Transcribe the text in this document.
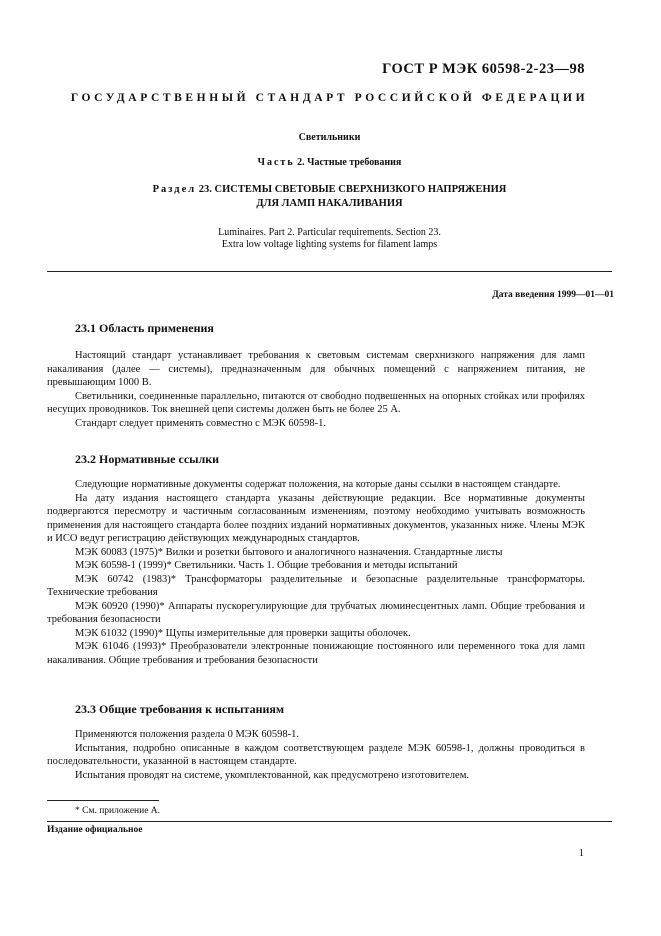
ГОСТ Р МЭК 60598-2-23—98
ГОСУДАРСТВЕННЫЙ СТАНДАРТ РОССИЙСКОЙ ФЕДЕРАЦИИ
Светильники
Часть 2. Частные требования
Раздел 23. СИСТЕМЫ СВЕТОВЫЕ СВЕРХНИЗКОГО НАПРЯЖЕНИЯ
ДЛЯ ЛАМП НАКАЛИВАНИЯ
Luminaires. Part 2. Particular requirements. Section 23.
Extra low voltage lighting systems for filament lamps
Дата введения 1999—01—01
23.1 Область применения

Настоящий стандарт устанавливает требования к световым системам сверхнизкого напряжения для ламп накаливания (далее — системы), предназначенным для обычных помещений с напряжением питания, не превышающим 1000 В.

Светильники, соединенные параллельно, питаются от свободно подвешенных на опорных стойках или профилях несущих проводников. Ток внешней цепи системы должен быть не более 25 А.

Стандарт следует применять совместно с МЭК 60598-1.

23.2 Нормативные ссылки

Следующие нормативные документы содержат положения, на которые даны ссылки в настоящем стандарте.

На дату издания настоящего стандарта указаны действующие редакции. Все нормативные документы подвергаются пересмотру и частичным согласованным изменениям, поэтому необходимо учитывать возможность применения для настоящего стандарта более поздних изданий нормативных документов, указанных ниже. Члены МЭК и ИСО ведут регистрацию действующих международных стандартов.

МЭК 60083 (1975)* Вилки и розетки бытового и аналогичного назначения. Стандартные листы

МЭК 60598-1 (1999)* Светильники. Часть 1. Общие требования и методы испытаний

МЭК 60742 (1983)* Трансформаторы разделительные и безопасные разделительные трансформаторы. Технические требования

МЭК 60920 (1990)* Аппараты пускорегулирующие для трубчатых люминесцентных ламп. Общие требования и требования безопасности

МЭК 61032 (1990)* Щупы измерительные для проверки защиты оболочек.

МЭК 61046 (1993)* Преобразователи электронные понижающие постоянного или переменного тока для ламп накаливания. Общие требования и требования безопасности

23.3 Общие требования к испытаниям

Применяются положения раздела 0 МЭК 60598-1.

Испытания, подробно описанные в каждом соответствующем разделе МЭК 60598-1, должны проводиться в последовательности, указанной в настоящем стандарте.

Испытания проводят на системе, укомплектованной, как предусмотрено изготовителем.

* См. приложение А.
Издание официальное
1
